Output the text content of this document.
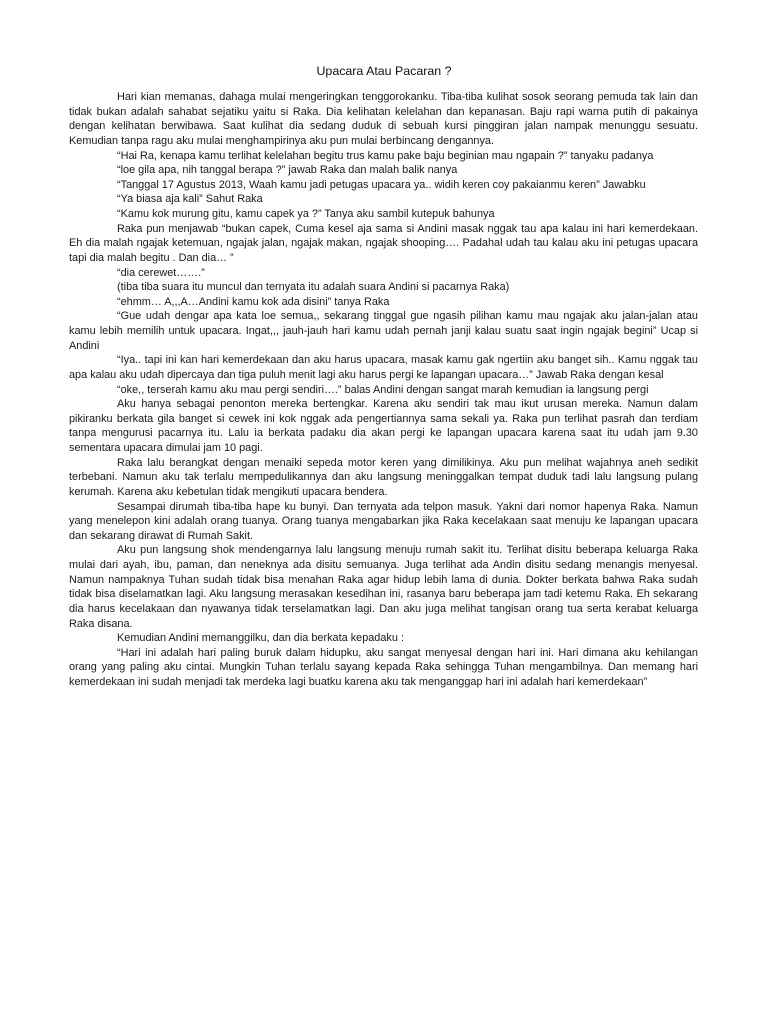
Upacara Atau Pacaran ?

Hari kian memanas, dahaga mulai mengeringkan tenggorokanku. Tiba-tiba kulihat sosok seorang pemuda tak lain dan tidak bukan adalah sahabat sejatiku yaitu si Raka. Dia kelihatan kelelahan dan kepanasan. Baju rapi warna putih di pakainya dengan kelihatan berwibawa. Saat kulihat dia sedang duduk di sebuah kursi pinggiran jalan nampak menunggu sesuatu. Kemudian tanpa ragu aku mulai menghampirinya aku pun mulai berbincang dengannya.

“Hai Ra, kenapa kamu terlihat kelelahan begitu trus kamu pake baju beginian mau ngapain ?” tanyaku padanya

“loe gila apa, nih tanggal berapa ?” jawab Raka dan malah balik nanya

“Tanggal 17 Agustus 2013, Waah kamu jadi petugas upacara ya.. widih keren coy pakaianmu keren” Jawabku

“Ya biasa aja kali” Sahut Raka

“Kamu kok murung gitu, kamu capek ya ?” Tanya aku sambil kutepuk bahunya

Raka pun menjawab “bukan capek, Cuma kesel aja sama si Andini masak nggak tau apa kalau ini hari kemerdekaan. Eh dia malah ngajak ketemuan, ngajak jalan, ngajak makan, ngajak shooping…. Padahal udah tau kalau aku ini petugas upacara tapi dia malah begitu . Dan dia… ”

“dia cerewet…….”

(tiba tiba suara itu muncul dan ternyata itu adalah suara Andini si pacarnya Raka)

“ehmm… A,,,A…Andini kamu kok ada disini” tanya Raka

“Gue udah dengar apa kata loe semua,, sekarang tinggal gue ngasih pilihan kamu mau ngajak aku jalan-jalan atau kamu lebih memilih untuk upacara. Ingat,,, jauh-jauh hari kamu udah pernah janji kalau suatu saat ingin ngajak begini” Ucap si Andini

“Iya.. tapi ini kan hari kemerdekaan dan aku harus upacara, masak kamu gak ngertiin aku banget sih.. Kamu nggak tau apa kalau aku udah dipercaya dan tiga puluh menit lagi aku harus pergi ke lapangan upacara…” Jawab Raka dengan kesal

“oke,, terserah kamu aku mau pergi sendiri….” balas Andini dengan sangat marah kemudian ia langsung pergi

Aku hanya sebagai penonton mereka bertengkar. Karena aku sendiri tak mau ikut urusan mereka. Namun dalam pikiranku berkata gila banget si cewek ini kok nggak ada pengertiannya sama sekali ya. Raka pun terlihat pasrah dan terdiam tanpa mengurusi pacarnya itu. Lalu ia berkata padaku dia akan pergi ke lapangan upacara karena saat itu udah jam 9.30 sementara upacara dimulai jam 10 pagi.

Raka lalu berangkat dengan menaiki sepeda motor keren yang dimilikinya. Aku pun melihat wajahnya aneh sedikit terbebani. Namun aku tak terlalu mempedulikannya dan aku langsung meninggalkan tempat duduk tadi lalu langsung pulang kerumah. Karena aku kebetulan tidak mengikuti upacara bendera.

Sesampai dirumah tiba-tiba hape ku bunyi. Dan ternyata ada telpon masuk. Yakni dari nomor hapenya Raka. Namun yang menelepon kini adalah orang tuanya. Orang tuanya mengabarkan jika Raka kecelakaan saat menuju ke lapangan upacara dan sekarang dirawat di Rumah Sakit.

Aku pun langsung shok mendengarnya lalu langsung menuju rumah sakit itu. Terlihat disitu beberapa keluarga Raka mulai dari ayah, ibu, paman, dan neneknya ada disitu semuanya. Juga terlihat ada Andin disitu sedang menangis menyesal. Namun nampaknya Tuhan sudah tidak bisa menahan Raka agar hidup lebih lama di dunia. Dokter berkata bahwa Raka sudah tidak bisa diselamatkan lagi. Aku langsung merasakan kesedihan ini, rasanya baru beberapa jam tadi ketemu Raka. Eh sekarang dia harus kecelakaan dan nyawanya tidak terselamatkan lagi. Dan aku juga melihat tangisan orang tua serta kerabat keluarga Raka disana.

Kemudian Andini memanggilku, dan dia berkata kepadaku :

“Hari ini adalah hari paling buruk dalam hidupku, aku sangat menyesal dengan hari ini. Hari dimana aku kehilangan orang yang paling aku cintai. Mungkin Tuhan terlalu sayang kepada Raka sehingga Tuhan mengambilnya. Dan memang hari kemerdekaan ini sudah menjadi tak merdeka lagi buatku karena aku tak menganggap hari ini adalah hari kemerdekaan”
